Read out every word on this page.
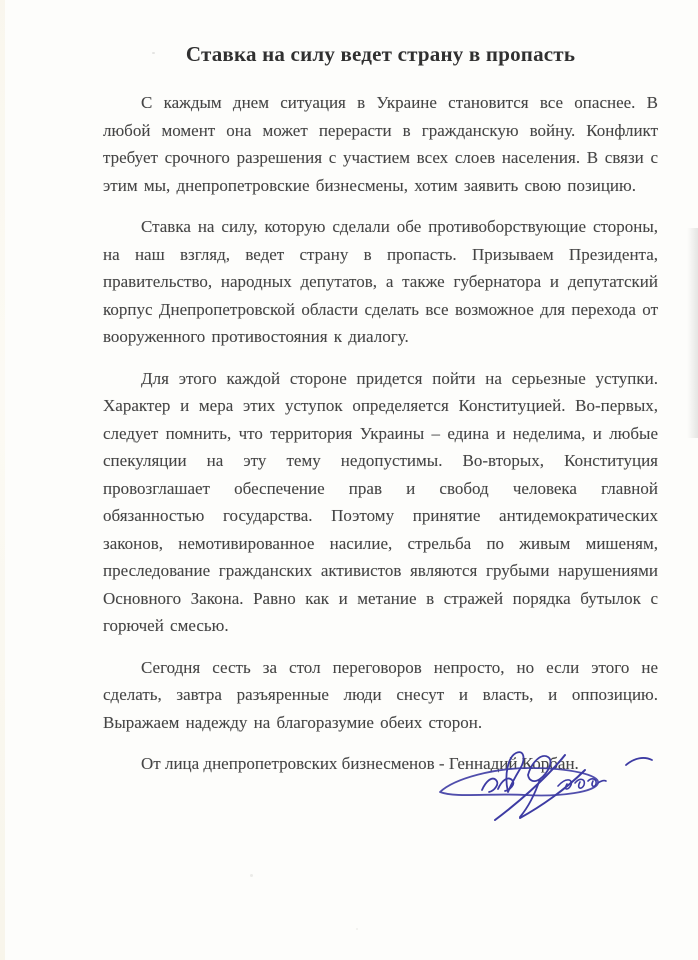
Ставка на силу ведет страну в пропасть

С каждым днем ситуация в Украине становится все опаснее. В любой момент она может перерасти в гражданскую войну. Конфликт требует срочного разрешения с участием всех слоев населения. В связи с этим мы, днепропетровские бизнесмены, хотим заявить свою позицию.

Ставка на силу, которую сделали обе противоборствующие стороны, на наш взгляд, ведет страну в пропасть. Призываем Президента, правительство, народных депутатов, а также губернатора и депутатский корпус Днепропетровской области сделать все возможное для перехода от вооруженного противостояния к диалогу.

Для этого каждой стороне придется пойти на серьезные уступки. Характер и мера этих уступок определяется Конституцией. Во-первых, следует помнить, что территория Украины – едина и неделима, и любые спекуляции на эту тему недопустимы. Во-вторых, Конституция провозглашает обеспечение прав и свобод человека главной обязанностью государства. Поэтому принятие антидемократических законов, немотивированное насилие, стрельба по живым мишеням, преследование гражданских активистов являются грубыми нарушениями Основного Закона. Равно как и метание в стражей порядка бутылок с горючей смесью.

Сегодня сесть за стол переговоров непросто, но если этого не сделать, завтра разъяренные люди снесут и власть, и оппозицию. Выражаем надежду на благоразумие обеих сторон.

От лица днепропетровских бизнесменов - Геннадий Корбан.
